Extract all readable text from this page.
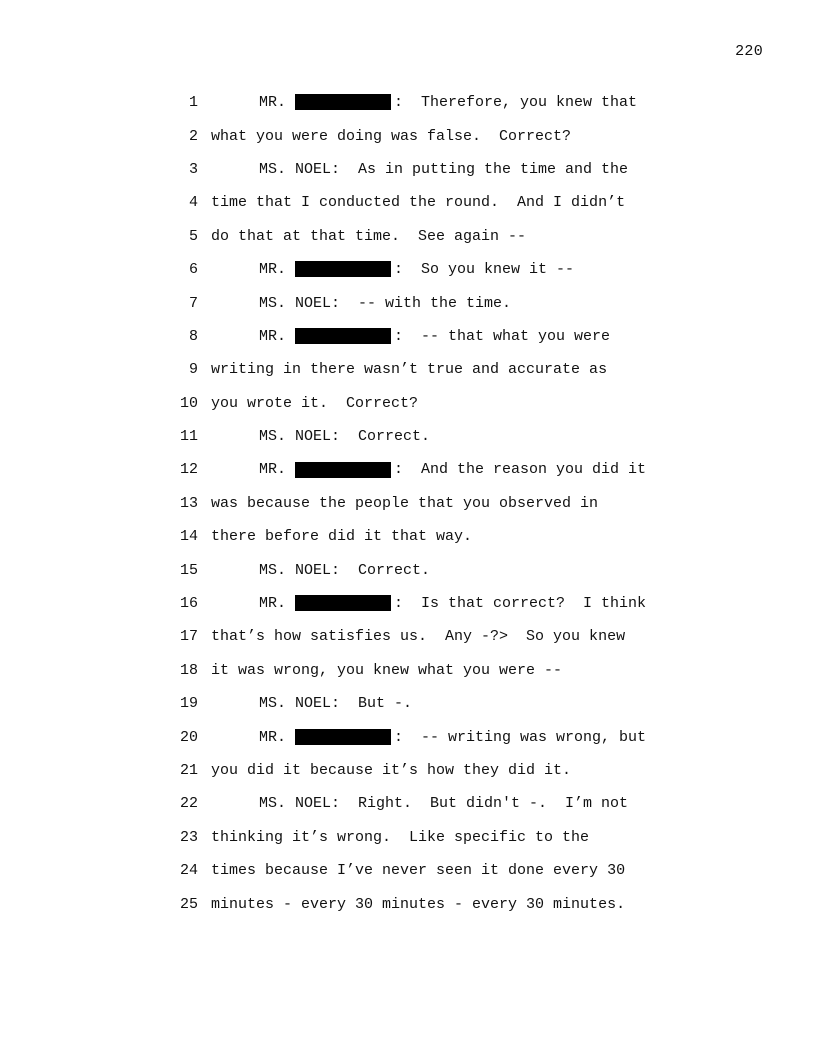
220
1	MR.	:  Therefore, you knew that
2 what you were doing was false.  Correct?
3	MS. NOEL:  As in putting the time and the
4 time that I conducted the round.  And I didn’t
5 do that at that time.  See again --
6	MR.	:  So you knew it --
7	MS. NOEL:  -- with the time.
8	MR.	:  -- that what you were
9 writing in there wasn’t true and accurate as
10 you wrote it.  Correct?
11	MS. NOEL:  Correct.
12	MR.	:  And the reason you did it
13 was because the people that you observed in
14 there before did it that way.
15	MS. NOEL:  Correct.
16	MR.	:  Is that correct?  I think
17 that’s how satisfies us.  Any -?>  So you knew
18 it was wrong, you knew what you were --
19	MS. NOEL:  But -.
20	MR.	:  -- writing was wrong, but
21 you did it because it’s how they did it.
22	MS. NOEL:  Right.  But didn't -.  I’m not
23 thinking it’s wrong.  Like specific to the
24 times because I’ve never seen it done every 30
25 minutes - every 30 minutes - every 30 minutes.
